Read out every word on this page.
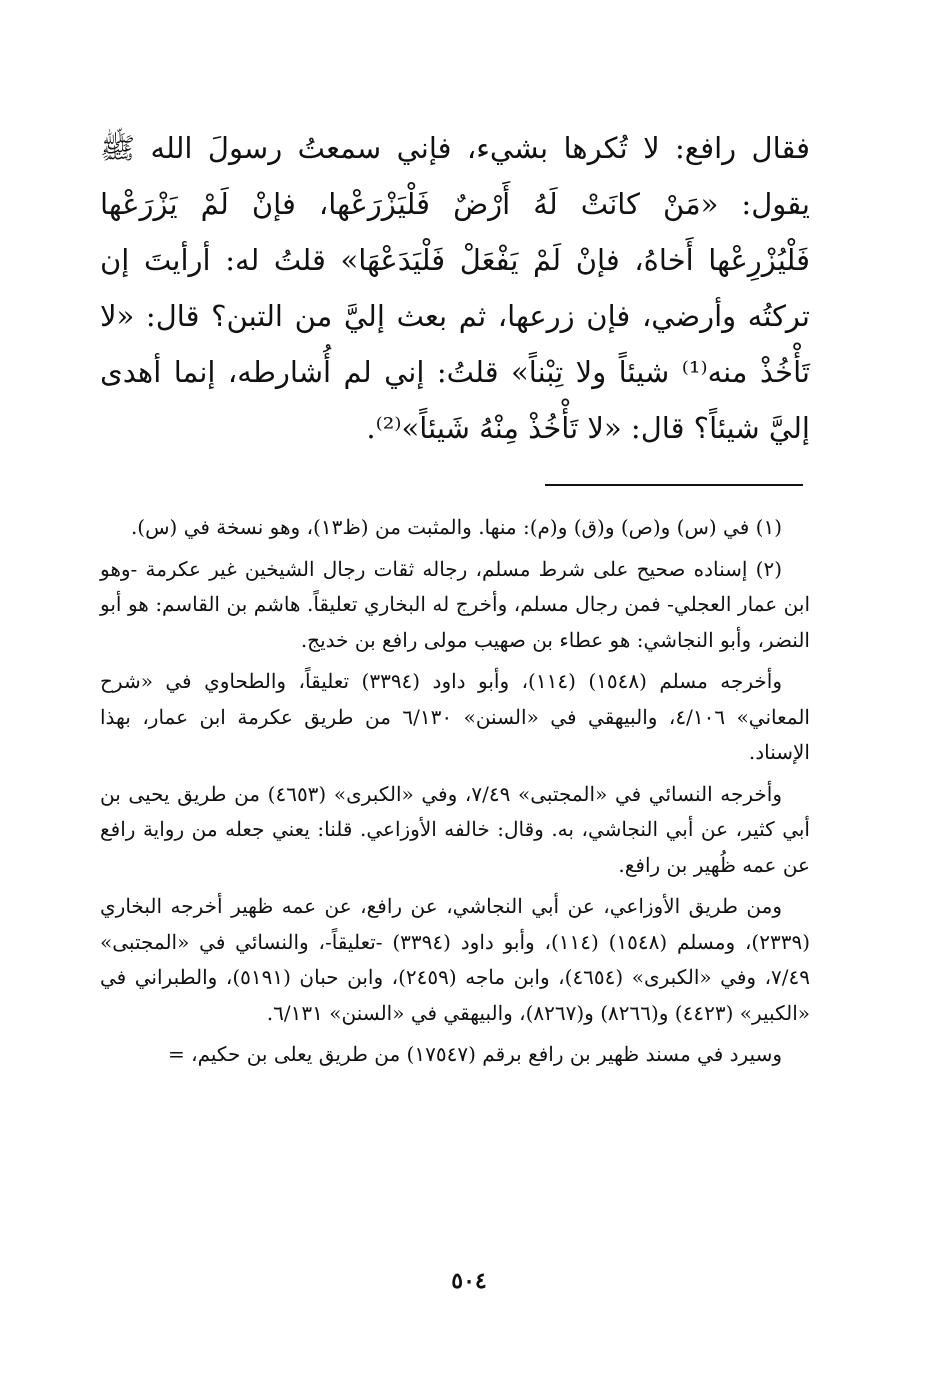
فقال رافع: لا تُكرها بشيء، فإني سمعتُ رسولَ الله ﷺ يقول: «مَنْ كانَتْ لَهُ أَرْضٌ فَلْيَزْرَعْها، فإنْ لَمْ يَزْرَعْها فَلْيُزْرِعْها أَخاهُ، فإنْ لَمْ يَفْعَلْ فَلْيَدَعْهَا» قلتُ له: أرأيتَ إن تركتُه وأرضي، فإن زرعها، ثم بعث إليَّ من التبن؟ قال: «لا تَأْخُذْ منه⁽¹⁾ شيئاً ولا تِبْناً» قلتُ: إني لم أُشارطه، إنما أهدى إليَّ شيئاً؟ قال: «لا تَأْخُذْ مِنْهُ شَيئاً»⁽²⁾.

(١) في (س) و(ص) و(ق) و(م): منها. والمثبت من (ظ١٣)، وهو نسخة في (س).

(٢) إسناده صحيح على شرط مسلم، رجاله ثقات رجال الشيخين غير عكرمة -وهو ابن عمار العجلي- فمن رجال مسلم، وأخرج له البخاري تعليقاً. هاشم بن القاسم: هو أبو النضر، وأبو النجاشي: هو عطاء بن صهيب مولى رافع بن خديج.

وأخرجه مسلم (١٥٤٨) (١١٤)، وأبو داود (٣٣٩٤) تعليقاً، والطحاوي في «شرح المعاني» ٤/١٠٦، والبيهقي في «السنن» ٦/١٣٠ من طريق عكرمة ابن عمار، بهذا الإسناد.

وأخرجه النسائي في «المجتبى» ٧/٤٩، وفي «الكبرى» (٤٦٥٣) من طريق يحيى بن أبي كثير، عن أبي النجاشي، به. وقال: خالفه الأوزاعي. قلنا: يعني جعله من رواية رافع عن عمه ظُهير بن رافع.

ومن طريق الأوزاعي، عن أبي النجاشي، عن رافع، عن عمه ظهير أخرجه البخاري (٢٣٣٩)، ومسلم (١٥٤٨) (١١٤)، وأبو داود (٣٣٩٤) -تعليقاً-، والنسائي في «المجتبى» ٧/٤٩، وفي «الكبرى» (٤٦٥٤)، وابن ماجه (٢٤٥٩)، وابن حبان (٥١٩١)، والطبراني في «الكبير» (٤٤٢٣) و(٨٢٦٦) و(٨٢٦٧)، والبيهقي في «السنن» ٦/١٣١.

وسيرد في مسند ظهير بن رافع برقم (١٧٥٤٧) من طريق يعلى بن حكيم، =

٥٠٤
